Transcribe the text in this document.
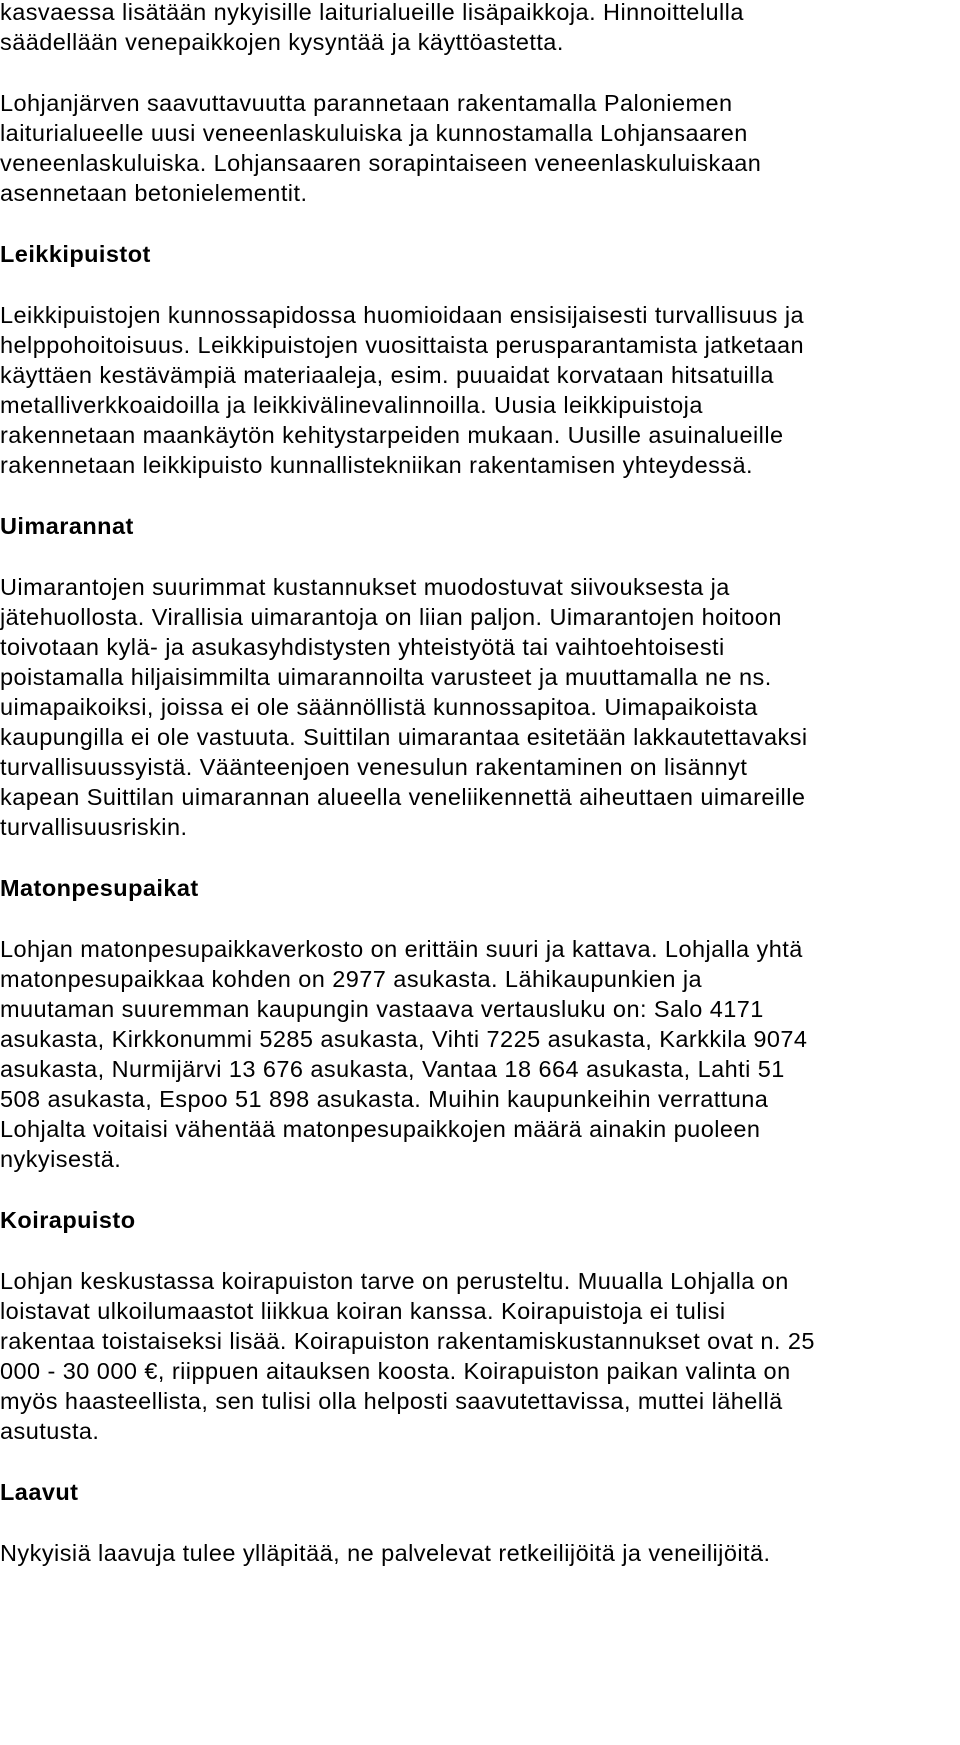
kasvaessa lisätään nykyisille laiturialueille lisäpaikkoja. Hinnoittelulla
säädellään venepaikkojen kysyntää ja käyttöastetta.
Lohjanjärven saavuttavuutta parannetaan rakentamalla Paloniemen
laiturialueelle uusi veneenlaskuluiska ja kunnostamalla Lohjansaaren
veneenlaskuluiska. Lohjansaaren sorapintaiseen veneenlaskuluiskaan
asennetaan betonielementit.
Leikkipuistot
Leikkipuistojen kunnossapidossa huomioidaan ensisijaisesti turvallisuus ja
helppohoitoisuus. Leikkipuistojen vuosittaista perusparantamista jatketaan
käyttäen kestävämpiä materiaaleja, esim. puuaidat korvataan hitsatuilla
metalliverkkoaidoilla ja leikkivälinevalinnoilla. Uusia leikkipuistoja
rakennetaan maankäytön kehitystarpeiden mukaan. Uusille asuinalueille
rakennetaan leikkipuisto kunnallistekniikan rakentamisen yhteydessä.
Uimarannat
Uimarantojen suurimmat kustannukset muodostuvat siivouksesta ja
jätehuollosta. Virallisia uimarantoja on liian paljon. Uimarantojen hoitoon
toivotaan kylä- ja asukasyhdistysten yhteistyötä tai vaihtoehtoisesti
poistamalla hiljaisimmilta uimarannoilta varusteet ja muuttamalla ne ns.
uimapaikoiksi, joissa ei ole säännöllistä kunnossapitoa. Uimapaikoista
kaupungilla ei ole vastuuta. Suittilan uimarantaa esitetään lakkautettavaksi
turvallisuussyistä. Väänteenjoen venesulun rakentaminen on lisännyt
kapean Suittilan uimarannan alueella veneliikennettä aiheuttaen uimareille
turvallisuusriskin.
Matonpesupaikat
Lohjan matonpesupaikkaverkosto on erittäin suuri ja kattava. Lohjalla yhtä
matonpesupaikkaa kohden on 2977 asukasta. Lähikaupunkien ja
muutaman suuremman kaupungin vastaava vertausluku on: Salo 4171
asukasta, Kirkkonummi 5285 asukasta, Vihti 7225 asukasta, Karkkila 9074
asukasta, Nurmijärvi 13 676 asukasta, Vantaa 18 664 asukasta, Lahti 51
508 asukasta, Espoo 51 898 asukasta. Muihin kaupunkeihin verrattuna
Lohjalta voitaisi vähentää matonpesupaikkojen määrä ainakin puoleen
nykyisestä.
Koirapuisto
Lohjan keskustassa koirapuiston tarve on perusteltu. Muualla Lohjalla on
loistavat ulkoilumaastot liikkua koiran kanssa. Koirapuistoja ei tulisi
rakentaa toistaiseksi lisää. Koirapuiston rakentamiskustannukset ovat n. 25
000 - 30 000 €, riippuen aitauksen koosta. Koirapuiston paikan valinta on
myös haasteellista, sen tulisi olla helposti saavutettavissa, muttei lähellä
asutusta.
Laavut
Nykyisiä laavuja tulee ylläpitää, ne palvelevat retkeilijöitä ja veneilijöitä.
